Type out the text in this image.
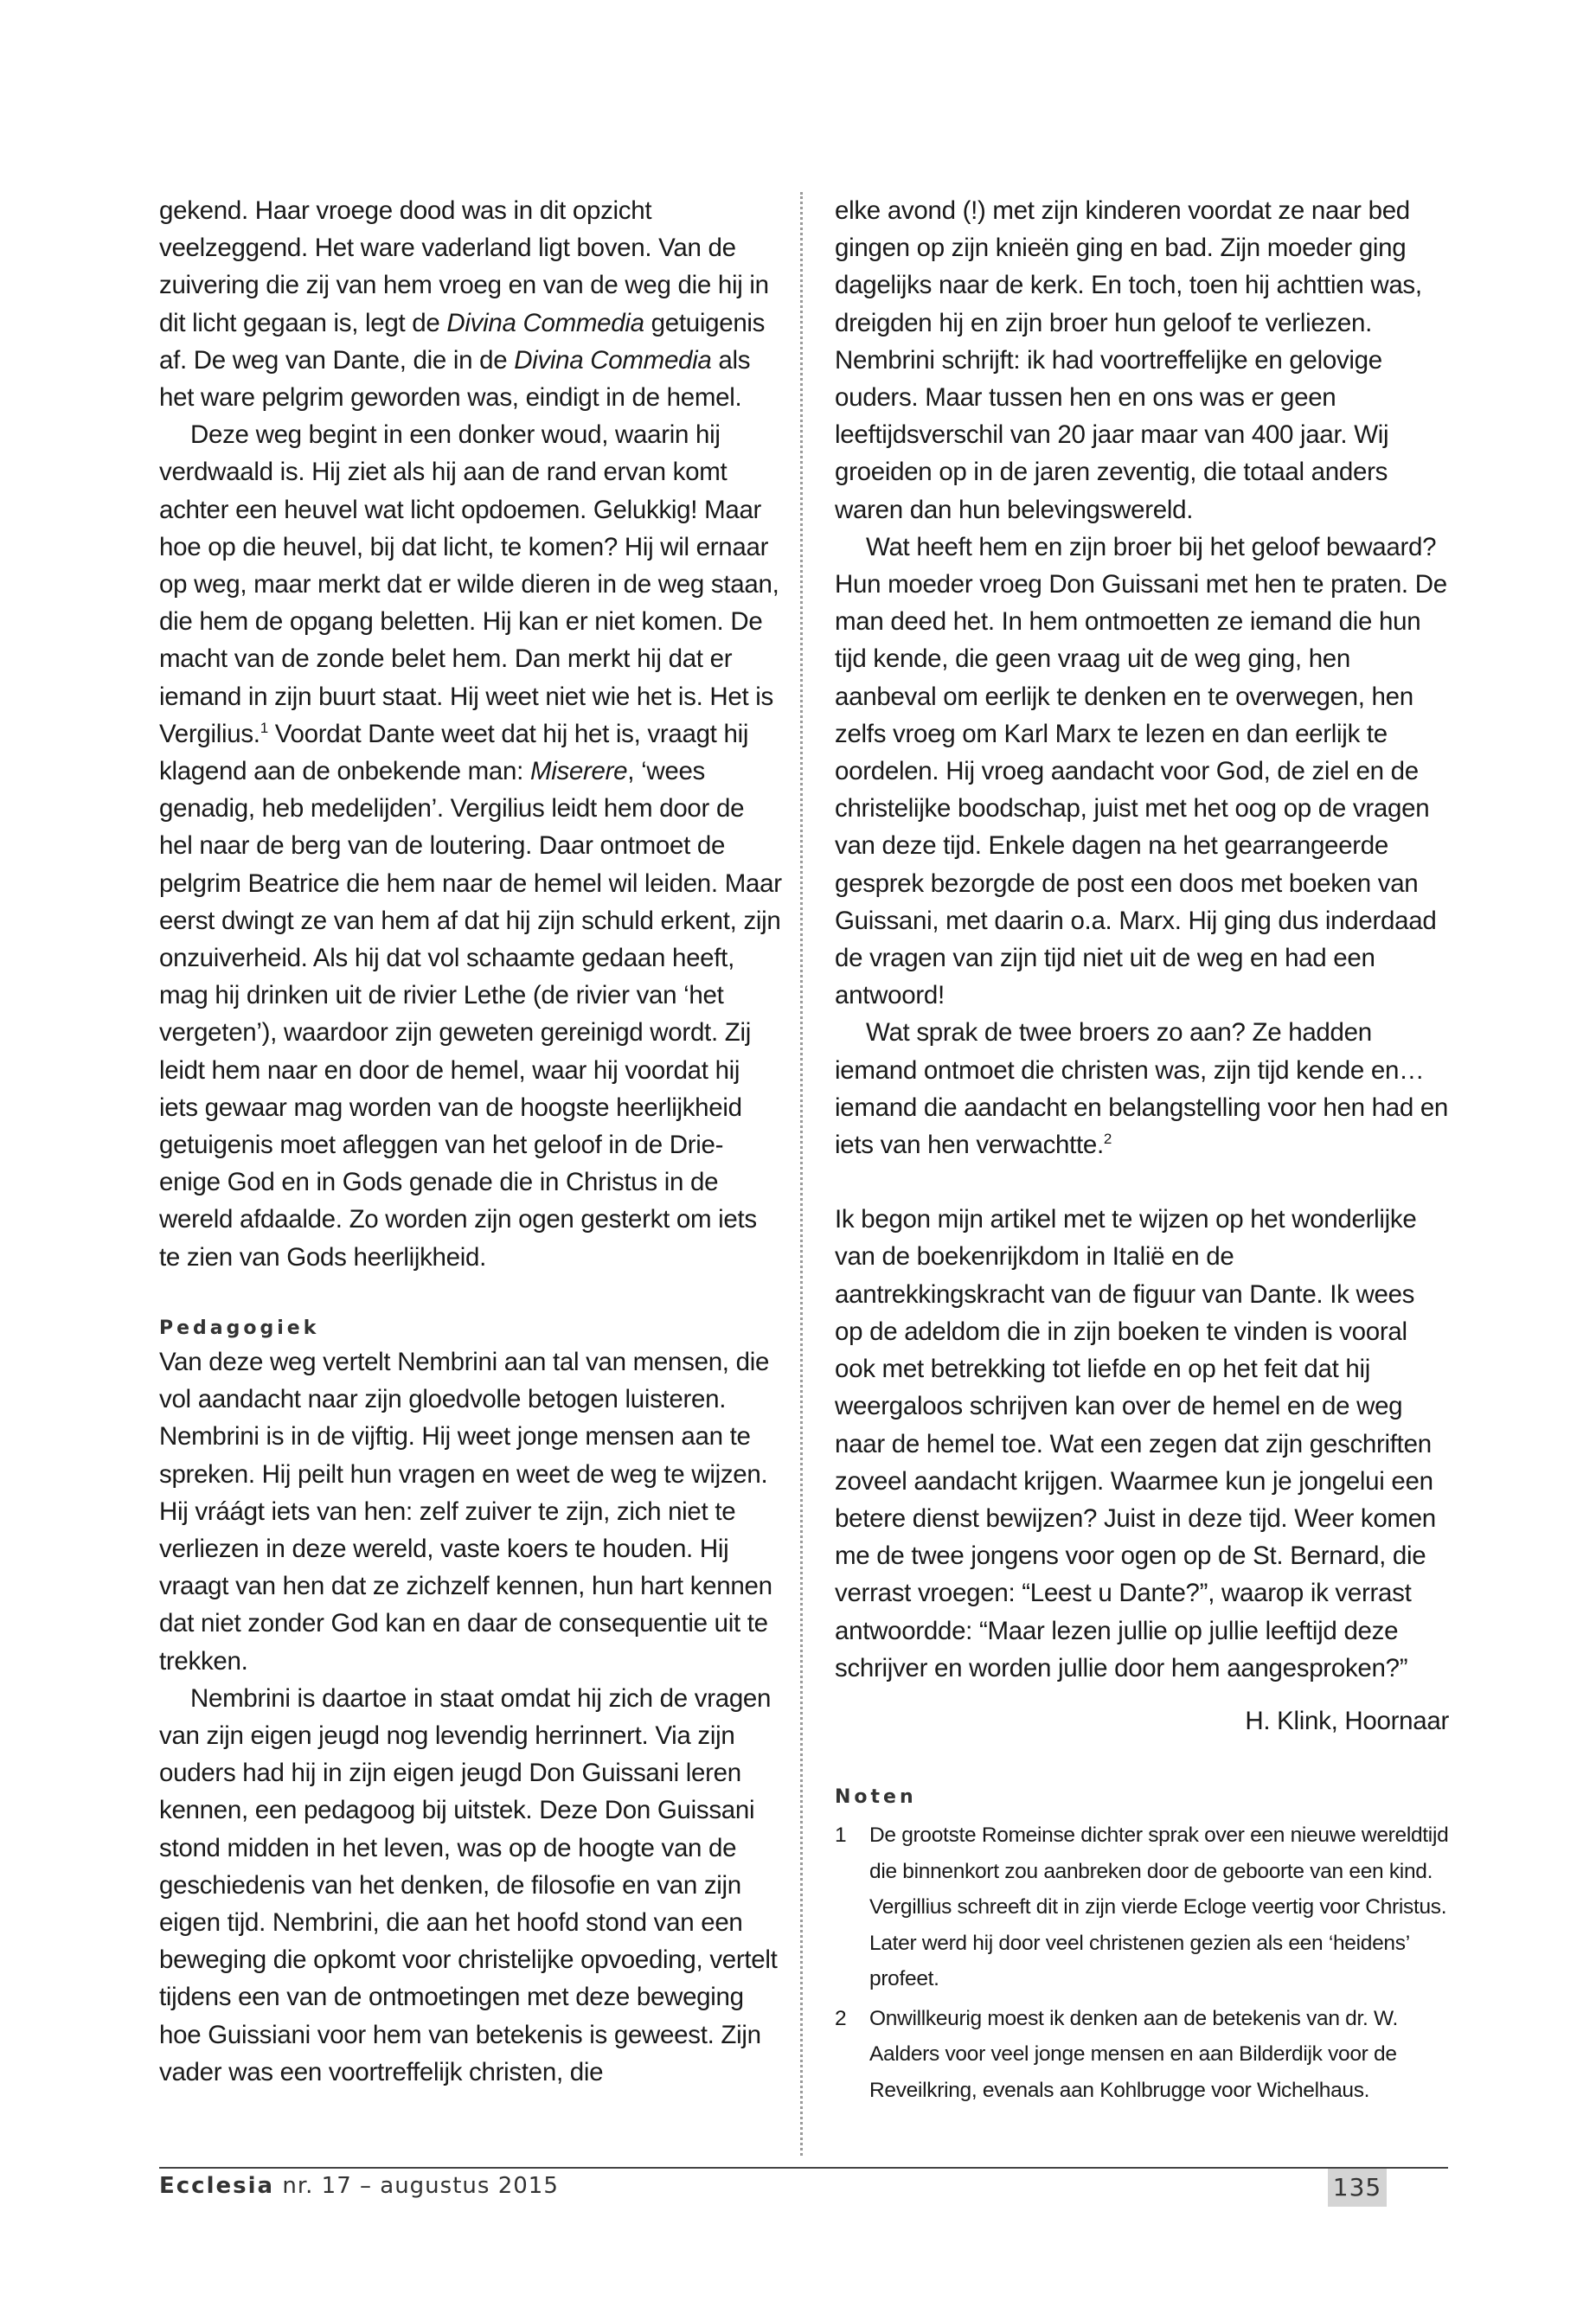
gekend. Haar vroege dood was in dit opzicht veelzeggend. Het ware vaderland ligt boven. Van de zuivering die zij van hem vroeg en van de weg die hij in dit licht gegaan is, legt de Divina Commedia getuigenis af. De weg van Dante, die in de Divina Commedia als het ware pelgrim geworden was, eindigt in de hemel.

Deze weg begint in een donker woud, waarin hij verdwaald is. Hij ziet als hij aan de rand ervan komt achter een heuvel wat licht opdoemen. Gelukkig! Maar hoe op die heuvel, bij dat licht, te komen? Hij wil ernaar op weg, maar merkt dat er wilde dieren in de weg staan, die hem de opgang beletten. Hij kan er niet komen. De macht van de zonde belet hem. Dan merkt hij dat er iemand in zijn buurt staat. Hij weet niet wie het is. Het is Vergilius.$^1$ Voordat Dante weet dat hij het is, vraagt hij klagend aan de onbekende man: Miserere, ‘wees genadig, heb medelijden’. Vergilius leidt hem door de hel naar de berg van de loutering. Daar ontmoet de pelgrim Beatrice die hem naar de hemel wil leiden. Maar eerst dwingt ze van hem af dat hij zijn schuld erkent, zijn onzuiverheid. Als hij dat vol schaamte gedaan heeft, mag hij drinken uit de rivier Lethe (de rivier van ‘het vergeten’), waardoor zijn geweten gereinigd wordt. Zij leidt hem naar en door de hemel, waar hij voordat hij iets gewaar mag worden van de hoogste heerlijkheid getuigenis moet afleggen van het geloof in de Drie-enige God en in Gods genade die in Christus in de wereld afdaalde. Zo worden zijn ogen gesterkt om iets te zien van Gods heerlijkheid.

Pedagogiek

Van deze weg vertelt Nembrini aan tal van mensen, die vol aandacht naar zijn gloedvolle betogen luisteren. Nembrini is in de vijftig. Hij weet jonge mensen aan te spreken. Hij peilt hun vragen en weet de weg te wijzen. Hij vráágt iets van hen: zelf zuiver te zijn, zich niet te verliezen in deze wereld, vaste koers te houden. Hij vraagt van hen dat ze zichzelf kennen, hun hart kennen dat niet zonder God kan en daar de consequentie uit te trekken.

Nembrini is daartoe in staat omdat hij zich de vragen van zijn eigen jeugd nog levendig herrinnert. Via zijn ouders had hij in zijn eigen jeugd Don Guissani leren kennen, een pedagoog bij uitstek. Deze Don Guissani stond midden in het leven, was op de hoogte van de geschiedenis van het denken, de filosofie en van zijn eigen tijd. Nembrini, die aan het hoofd stond van een beweging die opkomt voor christelijke opvoeding, vertelt tijdens een van de ontmoetingen met deze beweging hoe Guissiani voor hem van betekenis is geweest. Zijn vader was een voortreffelijk christen, die

elke avond (!) met zijn kinderen voordat ze naar bed gingen op zijn knieën ging en bad. Zijn moeder ging dagelijks naar de kerk. En toch, toen hij achttien was, dreigden hij en zijn broer hun geloof te verliezen. Nembrini schrijft: ik had voortreffelijke en gelovige ouders. Maar tussen hen en ons was er geen leeftijdsverschil van 20 jaar maar van 400 jaar. Wij groeiden op in de jaren zeventig, die totaal anders waren dan hun belevingswereld.

Wat heeft hem en zijn broer bij het geloof bewaard? Hun moeder vroeg Don Guissani met hen te praten. De man deed het. In hem ontmoetten ze iemand die hun tijd kende, die geen vraag uit de weg ging, hen aanbeval om eerlijk te denken en te overwegen, hen zelfs vroeg om Karl Marx te lezen en dan eerlijk te oordelen. Hij vroeg aandacht voor God, de ziel en de christelijke boodschap, juist met het oog op de vragen van deze tijd. Enkele dagen na het gearrangeerde gesprek bezorgde de post een doos met boeken van Guissani, met daarin o.a. Marx. Hij ging dus inderdaad de vragen van zijn tijd niet uit de weg en had een antwoord!

Wat sprak de twee broers zo aan? Ze hadden iemand ontmoet die christen was, zijn tijd kende en… iemand die aandacht en belangstelling voor hen had en iets van hen verwachtte.$^2$

Ik begon mijn artikel met te wijzen op het wonderlijke van de boekenrijkdom in Italië en de aantrekkingskracht van de figuur van Dante. Ik wees op de adeldom die in zijn boeken te vinden is vooral ook met betrekking tot liefde en op het feit dat hij weergaloos schrijven kan over de hemel en de weg naar de hemel toe. Wat een zegen dat zijn geschriften zoveel aandacht krijgen. Waarmee kun je jongelui een betere dienst bewijzen? Juist in deze tijd. Weer komen me de twee jongens voor ogen op de St. Bernard, die verrast vroegen: “Leest u Dante?”, waarop ik verrast antwoordde: “Maar lezen jullie op jullie leeftijd deze schrijver en worden jullie door hem aangesproken?”

H. Klink, Hoornaar

Noten
1 De grootste Romeinse dichter sprak over een nieuwe wereldtijd die binnenkort zou aanbreken door de geboorte van een kind. Vergillius schreeft dit in zijn vierde Ecloge veertig voor Christus. Later werd hij door veel christenen gezien als een ‘heidens’ profeet.
2 Onwillkeurig moest ik denken aan de betekenis van dr. W. Aalders voor veel jonge mensen en aan Bilderdijk voor de Reveilkring, evenals aan Kohlbrugge voor Wichelhaus.
Ecclesia nr. 17 – augustus 2015	135
